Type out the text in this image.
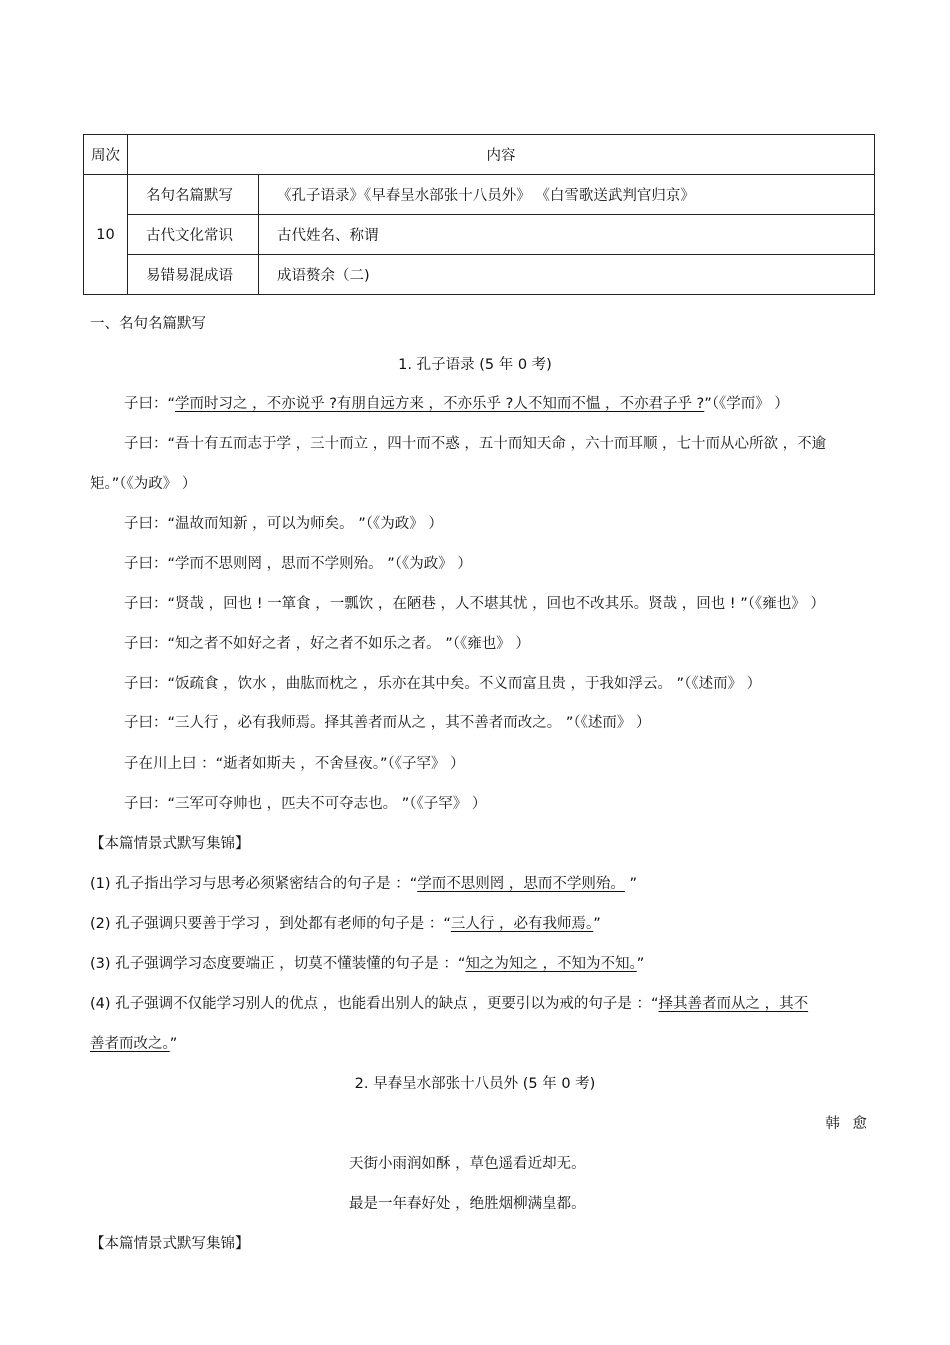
周次	内容	
10	名句名篇默写	《孔子语录》《早春呈水部张十八员外》 《白雪歌送武判官归京》
	古代文化常识	古代姓名、称谓
	易错易混成语	成语赘余（二)
一、名句名篇默写
1. 孔子语录 (5 年 0 考)
子曰：“学而时习之 ，不亦说乎 ?有朋自远方来 ，不亦乐乎 ?人不知而不愠 ，不亦君子乎 ?”（《学而》 ）
子曰：“吾十有五而志于学 ，三十而立 ，四十而不惑 ，五十而知天命 ，六十而耳顺 ，七十而从心所欲 ，不逾
矩。”（《为政》 ）
子曰：“温故而知新 ，可以为师矣。 ”（《为政》 ）
子曰：“学而不思则罔 ，思而不学则殆。 ”（《为政》 ）
子曰：“贤哉 ，回也 ! 一箪食 ，一瓢饮 ，在陋巷 ，人不堪其忧 ，回也不改其乐。贤哉 ，回也 ! ”（《雍也》 ）
子曰：“知之者不如好之者 ，好之者不如乐之者。 ”（《雍也》 ）
子曰：“饭疏食 ，饮水 ，曲肱而枕之 ，乐亦在其中矣。不义而富且贵 ，于我如浮云。 ”（《述而》 ）
子曰：“三人行 ，必有我师焉。择其善者而从之 ，其不善者而改之。 ”（《述而》 ）
子在川上曰 ：“逝者如斯夫 ，不舍昼夜。”（《子罕》 ）
子曰：“三军可夺帅也 ，匹夫不可夺志也。 ”（《子罕》 ）
【本篇情景式默写集锦】
(1) 孔子指出学习与思考必须紧密结合的句子是 ：“学而不思则罔 ，思而不学则殆。 ”
(2) 孔子强调只要善于学习 ，到处都有老师的句子是 ：“三人行 ，必有我师焉。”
(3) 孔子强调学习态度要端正 ，切莫不懂装懂的句子是 ：“知之为知之 ，不知为不知。”
(4) 孔子强调不仅能学习别人的优点 ，也能看出别人的缺点 ，更要引以为戒的句子是 ：“择其善者而从之 ，其不
善者而改之。”
2. 早春呈水部张十八员外 (5 年 0 考)
韩 愈
天街小雨润如酥 ，草色遥看近却无。
最是一年春好处 ，绝胜烟柳满皇都。
【本篇情景式默写集锦】
